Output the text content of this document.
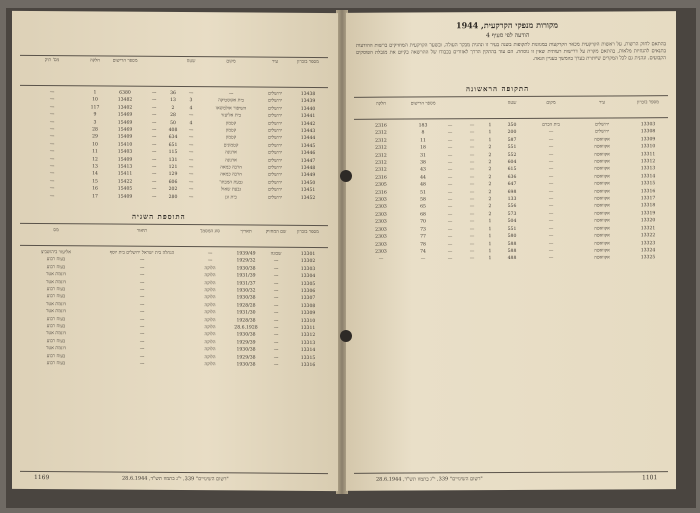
מספר בזכרון
עיר
מקום
שטח
מספר הרישום
חלקה
מס' תיק
13438
ירושלים
—
—
36
—
6380
1
—
13439
ירושלים
בית אקוסטיקה
3
13
—
13482
10
—
13440
ירושלים
השיפור אולמשאו
4
2
—
13402
117
—
13441
ירושלים
בית אליעזר
—
28
—
15469
9
—
13442
ירושלים
קטמון
4
50
—
15469
3
—
13443
ירושלים
קטמון
—
408
—
15469
28
—
13444
ירושלים
קטמון
—
634
—
15409
29
—
13445
ירושלים
קטמונים
—
651
—
15410
10
—
13446
ירושלים
ארנונה
—
115
—
15403
11
—
13447
ירושלים
ארנונה
—
131
—
15409
12
—
13448
ירושלים
הרבה כמאה
—
121
—
15413
13
—
13449
ירושלים
הרבה כמאה
—
129
—
15411
14
—
13450
ירושלים
גבעת המבתר
—
606
—
15422
15
—
13451
ירושלים
גבעת שאול
—
202
—
15405
16
—
13452
ירושלים
בית וגן
—
280
—
15409
17
—
התוספת השניה
מספר בזכרון
שם המחזיק
תאריך
סוג המסמך
תיאור
מס
13301
שכונה
1939/49
—
הנחלה בית ישראל ירושלים בית יוסף
אליעזר ביהושביצ
13302
—
1929/32
—
—
בעוח רבוע
13303
—
1930/38
הלוקה
—
בעוח רבוע
13304
—
1931/39
הלוקה
—
דוגמת אטר
13305
—
1931/37
הלוקה
—
דוגמת אטר
13306
—
1930/32
הלוקה
—
בעוח רבוע
13307
—
1930/38
הלוקה
—
בעוח רבוע
13308
—
1928/28
הלוקה
—
דוגמת אטר
13309
—
1931/30
הלוקה
—
דוגמת אטר
13310
—
1928/38
הלוקה
—
בעוח רבוע
13311
—
28.6.1928
הלוקה
—
בעוח רבוע
13312
—
1930/38
הלוקה
—
דוגמת אטר
13313
—
1929/39
הלוקה
—
בעוח רבוע
13314
—
1930/38
הלוקה
—
דוגמת אטר
13315
—
1929/38
הלוקה
—
בעוח רבוע
13316
—
1930/38
הלוקה
—
בעוח רבוע
"רשום השינויים" 339, י"ג בתמוז תש"ד, 28.6.1944
1169
מקורות מנפקי הקרקעית, 1944
הודעה לפי סעיף 4
בהתאם לחוק הרשות, על ראשות הקרקעית מכאר הקרקעות במגוונות לתקופות בשנה בעיר זו ונהנית מבקר העולה. ובשער הקרקעית המחזיקים ברשות ההודעות בתנאים להנחיות מלאות, בהתאם מקרת על דרישות רעותית שאין זו נוסחת. הם עוד בהתקין הדרך לאזורים בכבודו של ההרשאה בקיום את מגבלת הפוסקים הקבועים. ונהנית גם לכל המקרים שיותרת בערך בהמשך בעניין הנאה.
התקופה הראשונה
מספר בזכרון
עיר
מקום
שטח
מספר הרישום
חלקה
13303
ירושלים
בית הכרם
350
1
—
—
183
2316
13308
ירושלים
—
200
1
—
—
8
2312
13309
אקוואטה
—
587
1
—
—
11
2312
13310
אקוואטה
—
551
2
—
—
18
2312
13311
אקוואטה
—
552
2
—
—
31
2312
13312
אקוואטה
—
604
2
—
—
38
2312
13313
אקוואטה
—
615
2
—
—
43
2312
13314
אקוואטה
—
636
2
—
—
44
2316
13315
אקוואטה
—
647
2
—
—
48
2305
13316
אקוואטה
—
698
2
—
—
51
2316
13317
אקוואטה
—
133
2
—
—
58
2303
13318
אקוואטה
—
556
2
—
—
65
2303
13319
אקוואטה
—
573
2
—
—
68
2303
13320
אקוואטה
—
504
1
—
—
70
2303
13321
אקוואטה
—
551
1
—
—
73
2303
13322
אקוואטה
—
580
1
—
—
77
2303
13323
אקוואטה
—
588
1
—
—
78
2303
13324
אקוואטה
—
588
1
—
—
74
2303
13325
אקוואטה
—
488
1
—
—
—
—
"רשום השינויים" 339, י"ג בתמוז תש"ד, 28.6.1944	1101
